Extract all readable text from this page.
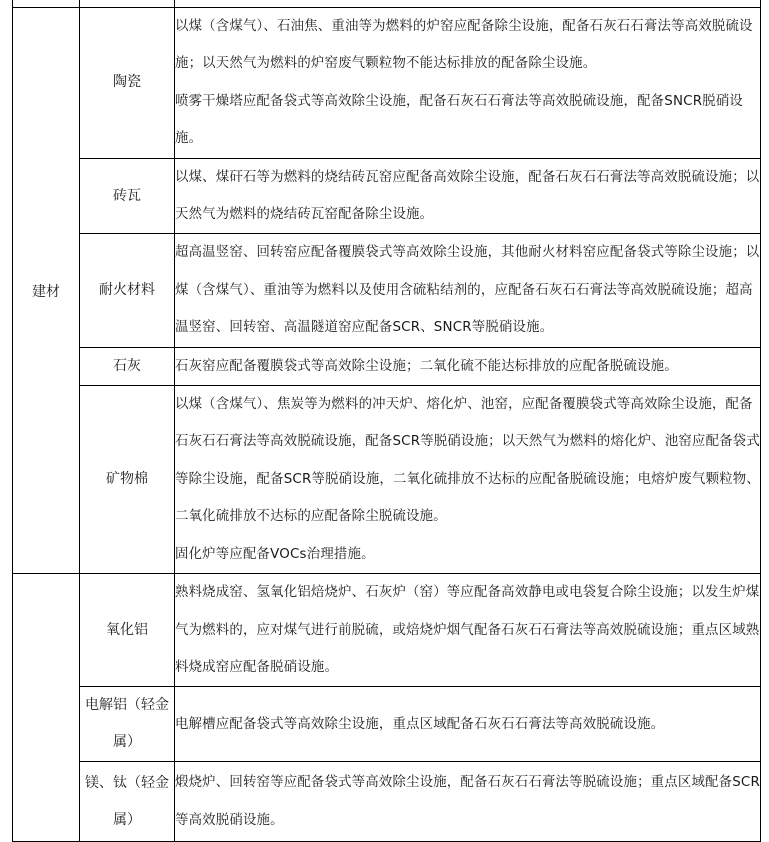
建材	陶瓷	以煤（含煤气）、石油焦、重油等为燃料的炉窑应配备除尘设施，配备石灰石石膏法等高效脱硫设施；以天然气为燃料的炉窑废气颗粒物不能达标排放的配备除尘设施。

喷雾干燥塔应配备袋式等高效除尘设施，配备石灰石石膏法等高效脱硫设施，配备SNCR脱硝设施。

	砖瓦	以煤、煤矸石等为燃料的烧结砖瓦窑应配备高效除尘设施，配备石灰石石膏法等高效脱硫设施；以天然气为燃料的烧结砖瓦窑配备除尘设施。

	耐火材料	超高温竖窑、回转窑应配备覆膜袋式等高效除尘设施，其他耐火材料窑应配备袋式等除尘设施；以煤（含煤气）、重油等为燃料以及使用含硫粘结剂的，应配备石灰石石膏法等高效脱硫设施；超高温竖窑、回转窑、高温隧道窑应配备SCR、SNCR等脱硝设施。

	石灰	石灰窑应配备覆膜袋式等高效除尘设施；二氧化硫不能达标排放的应配备脱硫设施。

	矿物棉	以煤（含煤气）、焦炭等为燃料的冲天炉、熔化炉、池窑，应配备覆膜袋式等高效除尘设施，配备石灰石石膏法等高效脱硫设施，配备SCR等脱硝设施；以天然气为燃料的熔化炉、池窑应配备袋式等除尘设施，配备SCR等脱硝设施，二氧化硫排放不达标的应配备脱硫设施；电熔炉废气颗粒物、二氧化硫排放不达标的应配备除尘脱硫设施。

固化炉等应配备VOCs治理措施。

	氧化铝	熟料烧成窑、氢氧化铝焙烧炉、石灰炉（窑）等应配备高效静电或电袋复合除尘设施；以发生炉煤气为燃料的，应对煤气进行前脱硫，或焙烧炉烟气配备石灰石石膏法等高效脱硫设施；重点区域熟料烧成窑应配备脱硝设施。

	电解铝（轻金属）	电解槽应配备袋式等高效除尘设施，重点区域配备石灰石石膏法等高效脱硫设施。

	镁、钛（轻金属）	煅烧炉、回转窑等应配备袋式等高效除尘设施，配备石灰石石膏法等脱硫设施；重点区域配备SCR等高效脱硝设施。
